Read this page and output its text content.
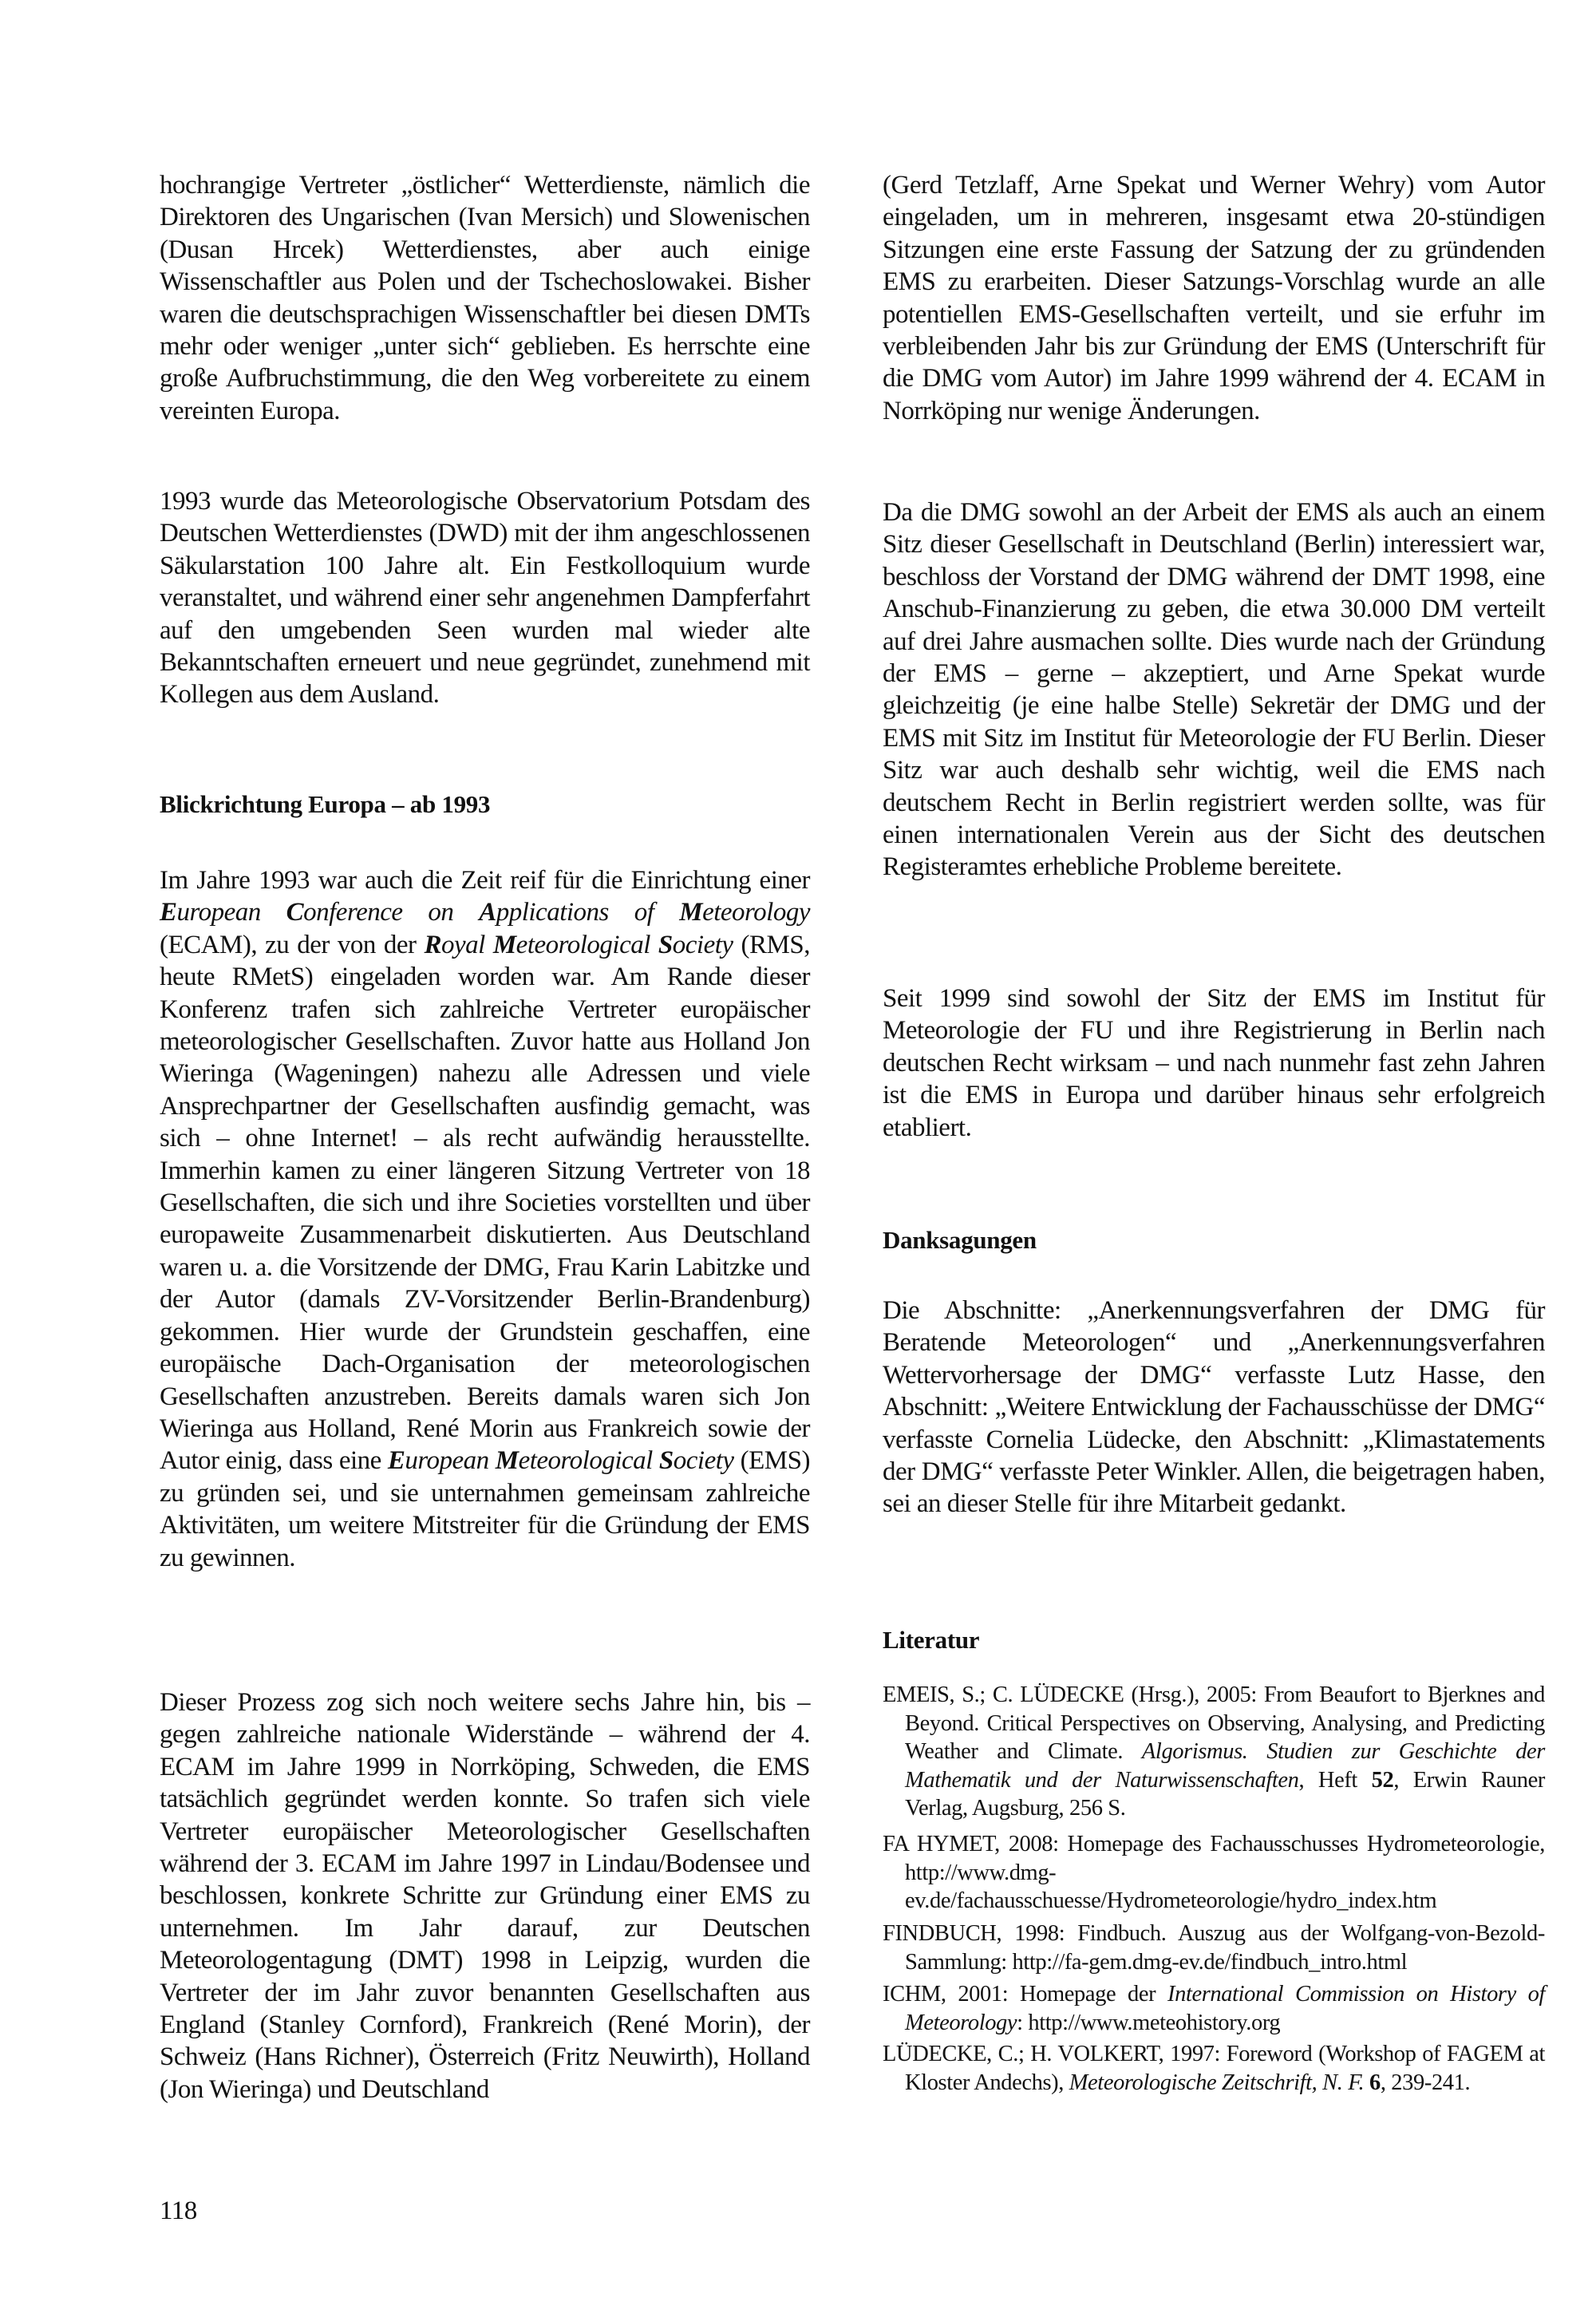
hochrangige Vertreter „östlicher“ Wetterdienste, nämlich die Direktoren des Ungarischen (Ivan Mersich) und Slowenischen (Dusan Hrcek) Wetterdienstes, aber auch einige Wissenschaftler aus Polen und der Tschechoslowakei. Bisher waren die deutschsprachigen Wissenschaftler bei diesen DMTs mehr oder weniger „unter sich“ geblieben. Es herrschte eine große Aufbruchstimmung, die den Weg vorbereitete zu einem vereinten Europa.

1993 wurde das Meteorologische Observatorium Potsdam des Deutschen Wetterdienstes (DWD) mit der ihm angeschlossenen Säkularstation 100 Jahre alt. Ein Festkolloquium wurde veranstaltet, und während einer sehr angenehmen Dampferfahrt auf den umgebenden Seen wurden mal wieder alte Bekanntschaften erneuert und neue gegründet, zunehmend mit Kollegen aus dem Ausland.

Blickrichtung Europa – ab 1993

Im Jahre 1993 war auch die Zeit reif für die Einrichtung einer European Conference on Applications of Meteorology (ECAM), zu der von der Royal Meteorological Society (RMS, heute RMetS) eingeladen worden war. Am Rande dieser Konferenz trafen sich zahlreiche Vertreter europäischer meteorologischer Gesellschaften. Zuvor hatte aus Holland Jon Wieringa (Wageningen) nahezu alle Adressen und viele Ansprechpartner der Gesellschaften ausfindig gemacht, was sich – ohne Internet! – als recht aufwändig herausstellte. Immerhin kamen zu einer längeren Sitzung Vertreter von 18 Gesellschaften, die sich und ihre Societies vorstellten und über europaweite Zusammenarbeit diskutierten. Aus Deutschland waren u. a. die Vorsitzende der DMG, Frau Karin Labitzke und der Autor (damals ZV-Vorsitzender Berlin-Brandenburg) gekommen. Hier wurde der Grundstein geschaffen, eine europäische Dach-Organisation der meteorologischen Gesellschaften anzustreben. Bereits damals waren sich Jon Wieringa aus Holland, René Morin aus Frankreich sowie der Autor einig, dass eine European Meteorological Society (EMS) zu gründen sei, und sie unternahmen gemeinsam zahlreiche Aktivitäten, um weitere Mitstreiter für die Gründung der EMS zu gewinnen.

Dieser Prozess zog sich noch weitere sechs Jahre hin, bis – gegen zahlreiche nationale Widerstände – während der 4. ECAM im Jahre 1999 in Norrköping, Schweden, die EMS tatsächlich gegründet werden konnte. So trafen sich viele Vertreter europäischer Meteorologischer Gesellschaften während der 3. ECAM im Jahre 1997 in Lindau/Bodensee und beschlossen, konkrete Schritte zur Gründung einer EMS zu unternehmen. Im Jahr darauf, zur Deutschen Meteorologentagung (DMT) 1998 in Leipzig, wurden die Vertreter der im Jahr zuvor benannten Gesellschaften aus England (Stanley Cornford), Frankreich (René Morin), der Schweiz (Hans Richner), Österreich (Fritz Neuwirth), Holland (Jon Wieringa) und Deutschland

118

(Gerd Tetzlaff, Arne Spekat und Werner Wehry) vom Autor eingeladen, um in mehreren, insgesamt etwa 20-stündigen Sitzungen eine erste Fassung der Satzung der zu gründenden EMS zu erarbeiten. Dieser Satzungs-Vorschlag wurde an alle potentiellen EMS-Gesellschaften verteilt, und sie erfuhr im verbleibenden Jahr bis zur Gründung der EMS (Unterschrift für die DMG vom Autor) im Jahre 1999 während der 4. ECAM in Norrköping nur wenige Änderungen.

Da die DMG sowohl an der Arbeit der EMS als auch an einem Sitz dieser Gesellschaft in Deutschland (Berlin) interessiert war, beschloss der Vorstand der DMG während der DMT 1998, eine Anschub-Finanzierung zu geben, die etwa 30.000 DM verteilt auf drei Jahre ausmachen sollte. Dies wurde nach der Gründung der EMS – gerne – akzeptiert, und Arne Spekat wurde gleichzeitig (je eine halbe Stelle) Sekretär der DMG und der EMS mit Sitz im Institut für Meteorologie der FU Berlin. Dieser Sitz war auch deshalb sehr wichtig, weil die EMS nach deutschem Recht in Berlin registriert werden sollte, was für einen internationalen Verein aus der Sicht des deutschen Registeramtes erhebliche Probleme bereitete.

Seit 1999 sind sowohl der Sitz der EMS im Institut für Meteorologie der FU und ihre Registrierung in Berlin nach deutschen Recht wirksam – und nach nunmehr fast zehn Jahren ist die EMS in Europa und darüber hinaus sehr erfolgreich etabliert.

Danksagungen

Die Abschnitte: „Anerkennungsverfahren der DMG für Beratende Meteorologen“ und „Anerkennungsverfahren Wettervorhersage der DMG“ verfasste Lutz Hasse, den Abschnitt: „Weitere Entwicklung der Fachausschüsse der DMG“ verfasste Cornelia Lüdecke, den Abschnitt: „Klimastatements der DMG“ verfasste Peter Winkler. Allen, die beigetragen haben, sei an dieser Stelle für ihre Mitarbeit gedankt.

Literatur

EMEIS, S.; C. LÜDECKE (Hrsg.), 2005: From Beaufort to Bjerknes and Beyond. Critical Perspectives on Observing, Analysing, and Predicting Weather and Climate. Algorismus. Studien zur Geschichte der Mathematik und der Naturwissenschaften, Heft 52, Erwin Rauner Verlag, Augsburg, 256 S.

FA HYMET, 2008: Homepage des Fachausschusses Hydrometeorologie, http://www.dmg-ev.de/fachausschuesse/Hydrometeorologie/hydro_index.htm

FINDBUCH, 1998: Findbuch. Auszug aus der Wolfgang-von-Bezold-Sammlung: http://fa-gem.dmg-ev.de/findbuch_intro.html

ICHM, 2001: Homepage der International Commission on History of Meteorology: http://www.meteohistory.org

LÜDECKE, C.; H. VOLKERT, 1997: Foreword (Workshop of FAGEM at Kloster Andechs), Meteorologische Zeitschrift, N. F. 6, 239-241.
